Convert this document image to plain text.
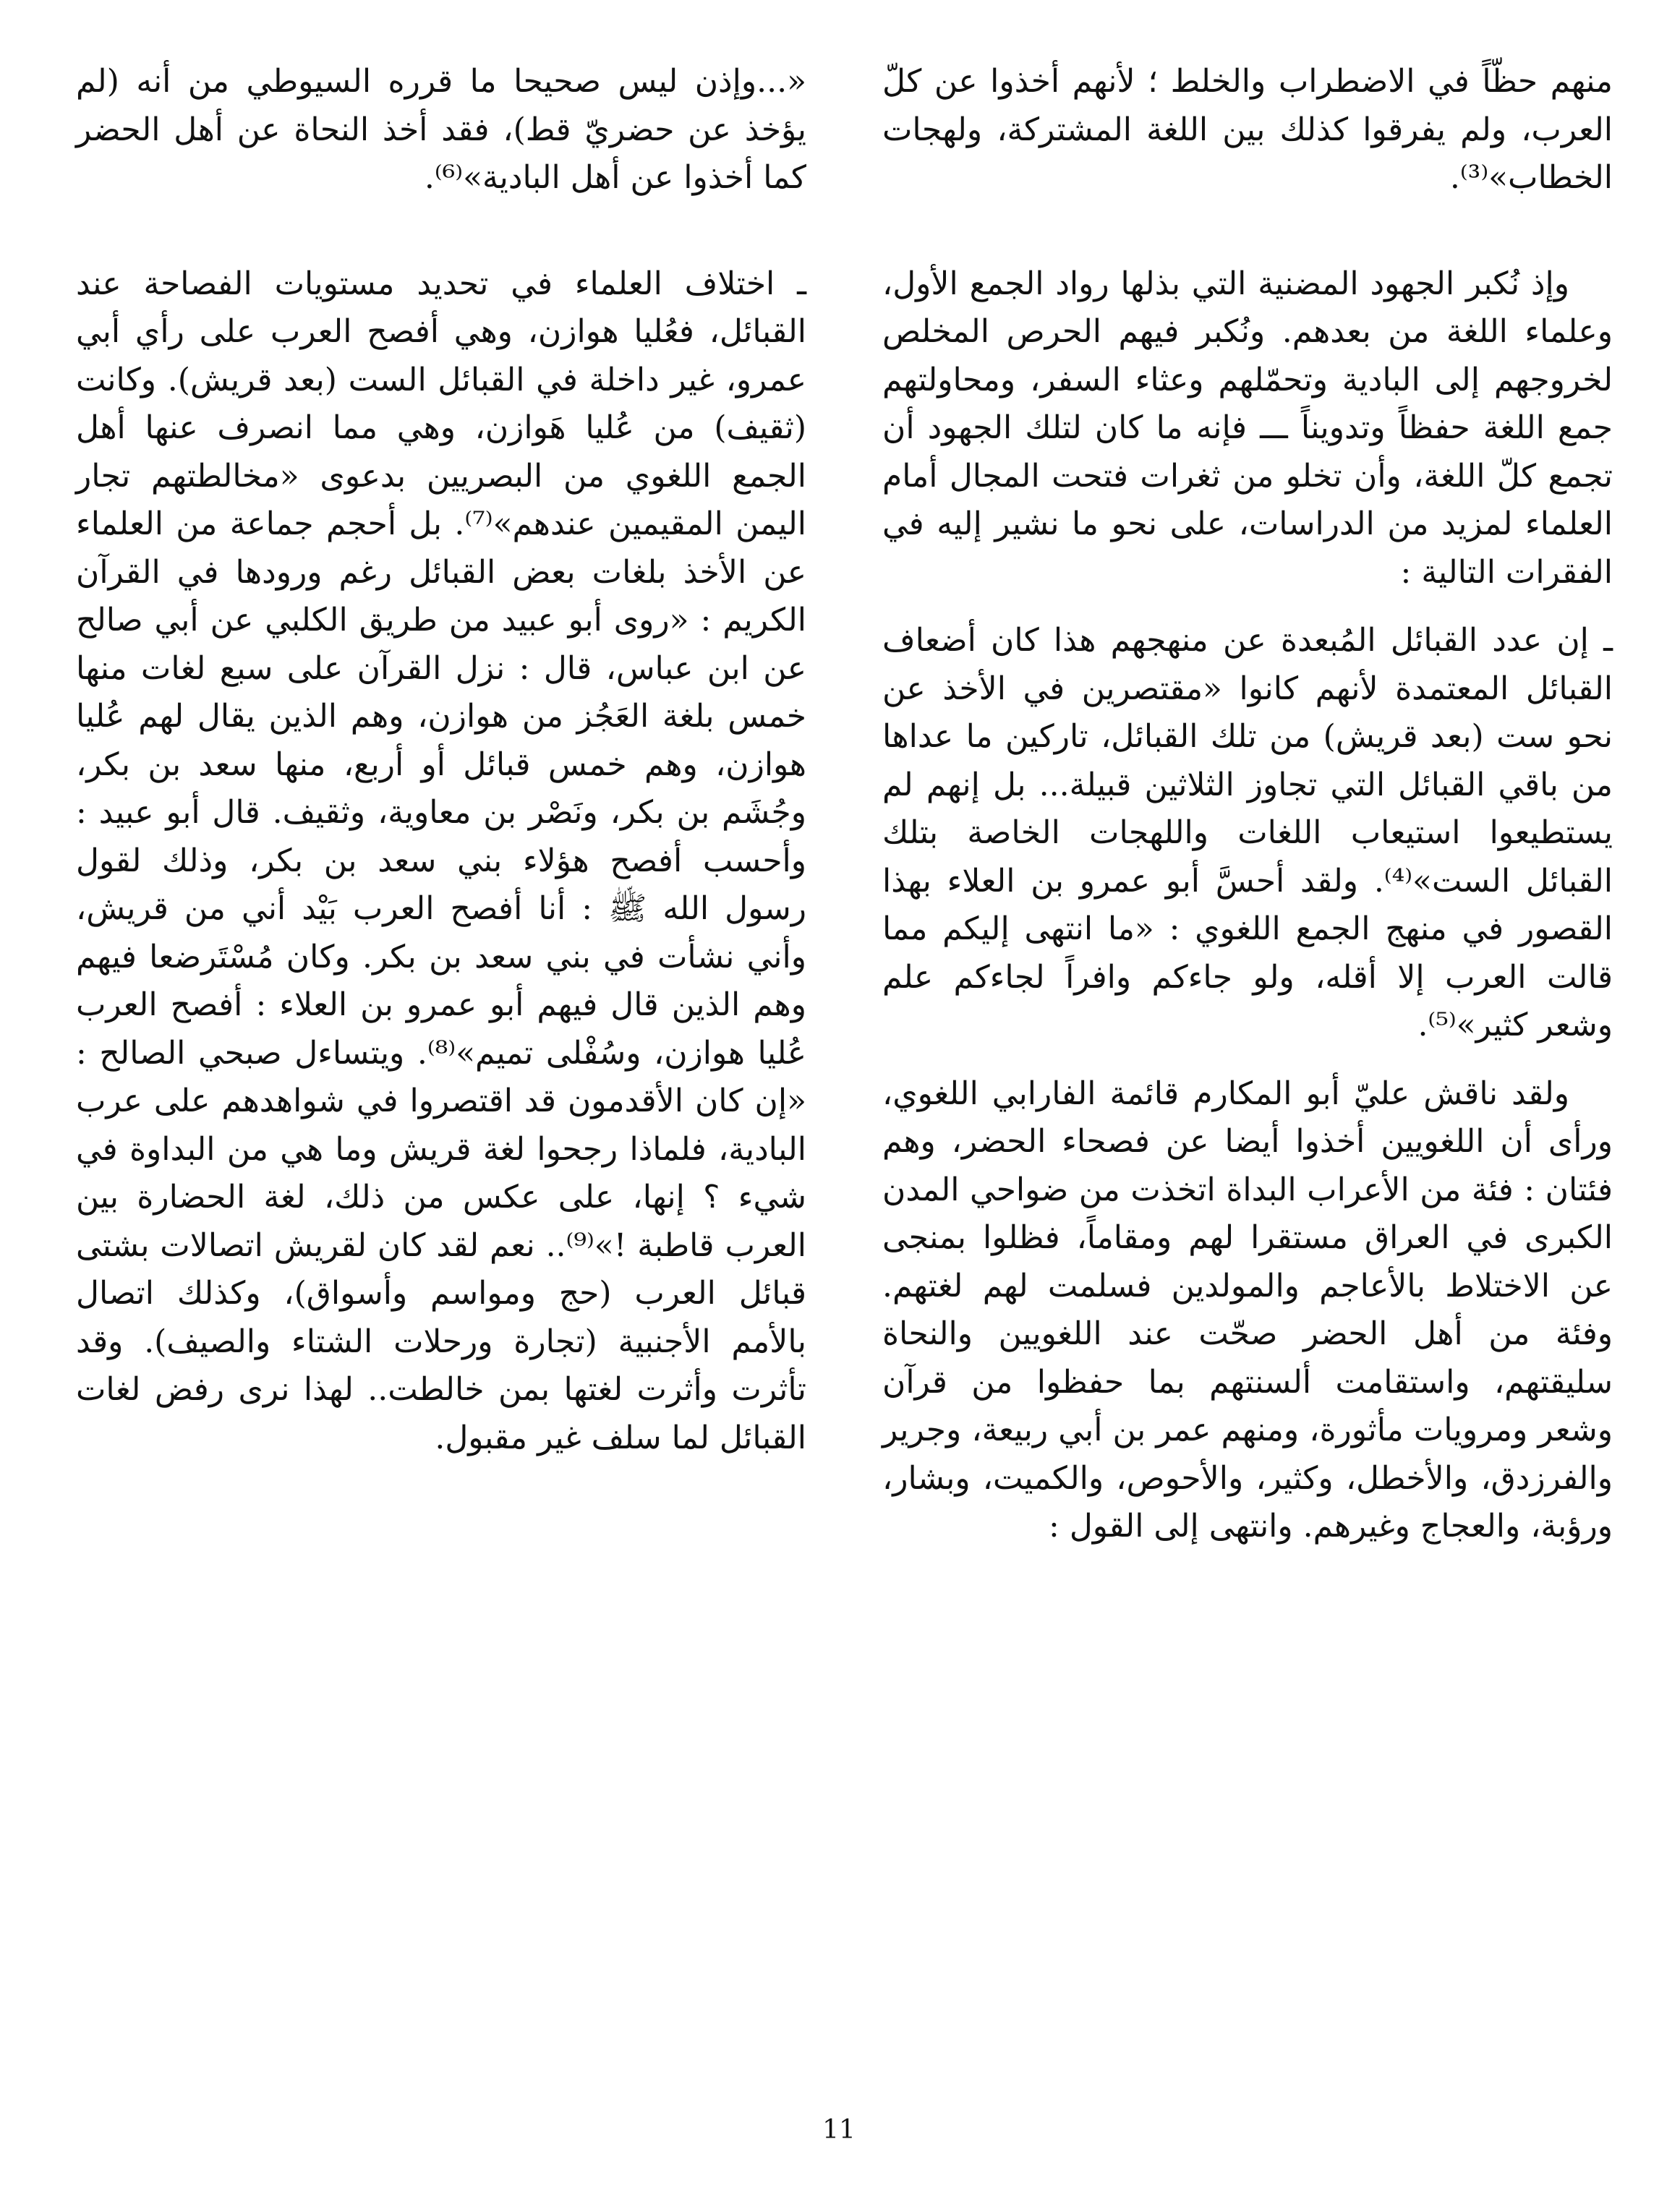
منهم حظّاً في الاضطراب والخلط ؛ لأنهم أخذوا عن كلّ العرب، ولم يفرقوا كذلك بين اللغة المشتركة، ولهجات الخطاب»⁽³⁾.

وإذ نُكبر الجهود المضنية التي بذلها رواد الجمع الأول، وعلماء اللغة من بعدهم. ونُكبر فيهم الحرص المخلص لخروجهم إلى البادية وتحمّلهم وعثاء السفر، ومحاولتهم جمع اللغة حفظاً وتدويناً ـــ فإنه ما كان لتلك الجهود أن تجمع كلّ اللغة، وأن تخلو من ثغرات فتحت المجال أمام العلماء لمزيد من الدراسات، على نحو ما نشير إليه في الفقرات التالية :

ـ إن عدد القبائل المُبعدة عن منهجهم هذا كان أضعاف القبائل المعتمدة لأنهم كانوا «مقتصرين في الأخذ عن نحو ست (بعد قريش) من تلك القبائل، تاركين ما عداها من باقي القبائل التي تجاوز الثلاثين قبيلة... بل إنهم لم يستطيعوا استيعاب اللغات واللهجات الخاصة بتلك القبائل الست»⁽⁴⁾. ولقد أحسَّ أبو عمرو بن العلاء بهذا القصور في منهج الجمع اللغوي : «ما انتهى إليكم مما قالت العرب إلا أقله، ولو جاءكم وافراً لجاءكم علم وشعر كثير»⁽⁵⁾.

ولقد ناقش عليّ أبو المكارم قائمة الفارابي اللغوي، ورأى أن اللغويين أخذوا أيضا عن فصحاء الحضر، وهم فئتان : فئة من الأعراب البداة اتخذت من ضواحي المدن الكبرى في العراق مستقرا لهم ومقاماً، فظلوا بمنجى عن الاختلاط بالأعاجم والمولدين فسلمت لهم لغتهم. وفئة من أهل الحضر صحّت عند اللغويين والنحاة سليقتهم، واستقامت ألسنتهم بما حفظوا من قرآن وشعر ومرويات مأثورة، ومنهم عمر بن أبي ربيعة، وجرير والفرزدق، والأخطل، وكثير، والأحوص، والكميت، وبشار، ورؤبة، والعجاج وغيرهم. وانتهى إلى القول :

«...وإذن ليس صحيحا ما قرره السيوطي من أنه (لم يؤخذ عن حضريّ قط)، فقد أخذ النحاة عن أهل الحضر كما أخذوا عن أهل البادية»⁽⁶⁾.

ـ اختلاف العلماء في تحديد مستويات الفصاحة عند القبائل، فعُليا هوازن، وهي أفصح العرب على رأي أبي عمرو، غير داخلة في القبائل الست (بعد قريش). وكانت (ثقيف) من عُليا هَوازن، وهي مما انصرف عنها أهل الجمع اللغوي من البصريين بدعوى «مخالطتهم تجار اليمن المقيمين عندهم»⁽⁷⁾. بل أحجم جماعة من العلماء عن الأخذ بلغات بعض القبائل رغم ورودها في القرآن الكريم : «روى أبو عبيد من طريق الكلبي عن أبي صالح عن ابن عباس، قال : نزل القرآن على سبع لغات منها خمس بلغة العَجُز من هوازن، وهم الذين يقال لهم عُليا هوازن، وهم خمس قبائل أو أربع، منها سعد بن بكر، وجُشَم بن بكر، ونَصْر بن معاوية، وثقيف. قال أبو عبيد : وأحسب أفصح هؤلاء بني سعد بن بكر، وذلك لقول رسول الله ﷺ : أنا أفصح العرب بَيْد أني من قريش، وأني نشأت في بني سعد بن بكر. وكان مُسْتَرضعا فيهم وهم الذين قال فيهم أبو عمرو بن العلاء : أفصح العرب عُليا هوازن، وسُفْلى تميم»⁽⁸⁾. ويتساءل صبحي الصالح : «إن كان الأقدمون قد اقتصروا في شواهدهم على عرب البادية، فلماذا رجحوا لغة قريش وما هي من البداوة في شيء ؟ إنها، على عكس من ذلك، لغة الحضارة بين العرب قاطبة !»⁽⁹⁾.. نعم لقد كان لقريش اتصالات بشتى قبائل العرب (حج ومواسم وأسواق)، وكذلك اتصال بالأمم الأجنبية (تجارة ورحلات الشتاء والصيف). وقد تأثرت وأثرت لغتها بمن خالطت.. لهذا نرى رفض لغات القبائل لما سلف غير مقبول.

11
